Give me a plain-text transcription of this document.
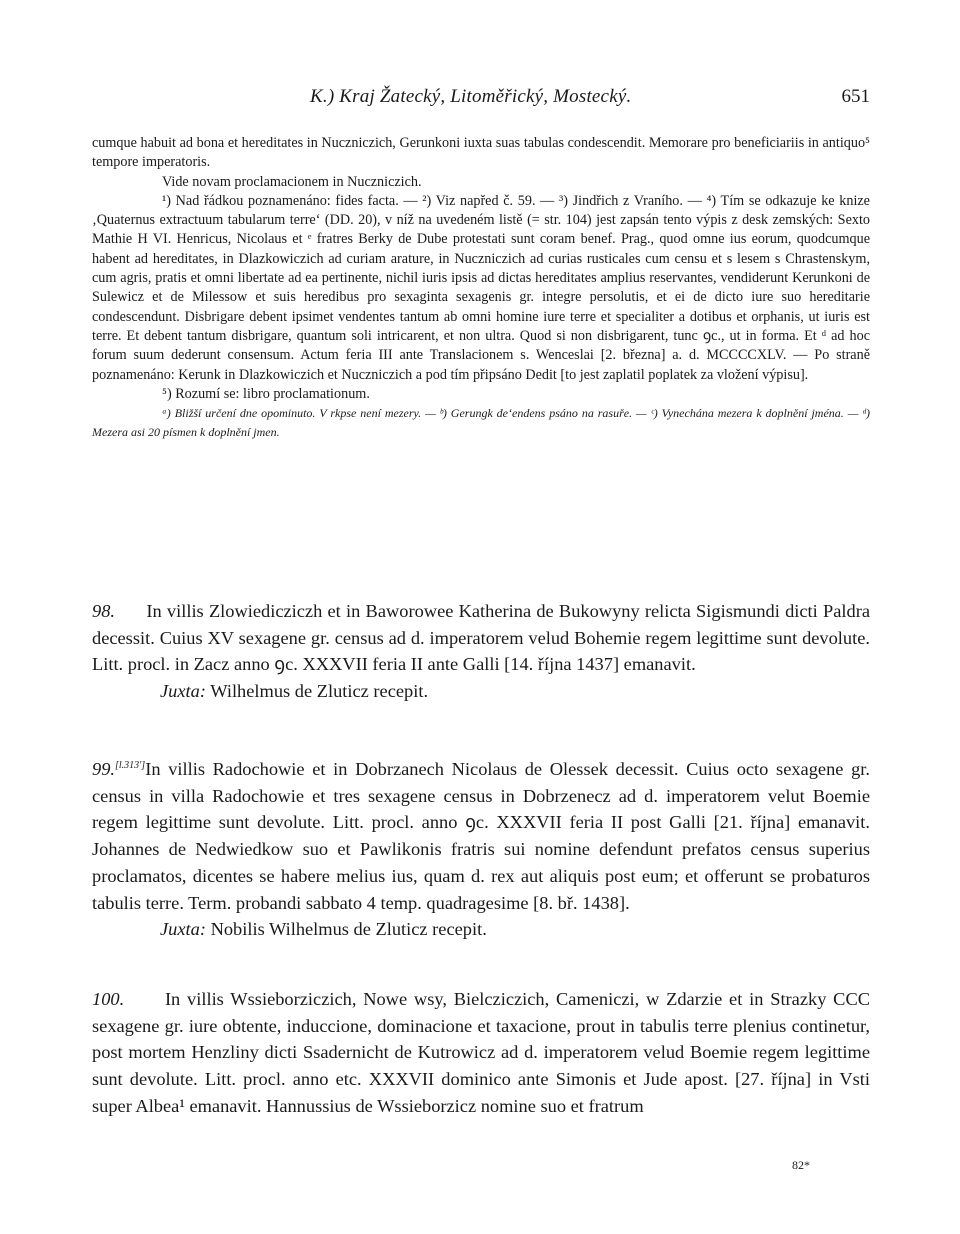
K.) Kraj Žatecký, Litoměřický, Mostecký.	651

cumque habuit ad bona et hereditates in Nuczniczich, Gerunkoni iuxta suas tabulas condescendit. Memorare pro beneficiariis in antiquo⁵ tempore imperatoris.

Vide novam proclamacionem in Nuczniczich.

¹) Nad řádkou poznamenáno: fides facta. — ²) Viz napřed č. 59. — ³) Jindřich z Vraního. — ⁴) Tím se odkazuje ke knize ‚Quaternus extractuum tabularum terre‘ (DD. 20), v níž na uvedeném listě (= str. 104) jest zapsán tento výpis z desk zemských: Sexto Mathie H VI. Henricus, Nicolaus et ᵉ fratres Berky de Dube protestati sunt coram benef. Prag., quod omne ius eorum, quodcumque habent ad hereditates, in Dlazkowiczich ad curiam arature, in Nuczniczich ad curias rusticales cum censu et s lesem s Chrastenskym, cum agris, pratis et omni libertate ad ea pertinente, nichil iuris ipsis ad dictas hereditates amplius reservantes, vendiderunt Kerunkoni de Sulewicz et de Milessow et suis heredibus pro sexaginta sexagenis gr. integre persolutis, et ei de dicto iure suo hereditarie condescendunt. Disbrigare debent ipsimet vendentes tantum ab omni homine iure terre et specialiter a dotibus et orphanis, ut iuris est terre. Et debent tantum disbrigare, quantum soli intricarent, et non ultra. Quod si non disbrigarent, tunc ꝯc., ut in forma. Et ᵈ ad hoc forum suum dederunt consensum. Actum feria III ante Translacionem s. Wenceslai [2. března] a. d. MCCCCXLV. — Po straně poznamenáno: Kerunk in Dlazkowiczich et Nuczniczich a pod tím připsáno Dedit [to jest zaplatil poplatek za vložení výpisu].

⁵) Rozumí se: libro proclamationum.

ᵃ) Bližší určení dne opominuto. V rkpse není mezery. — ᵇ) Gerungk de‘endens psáno na rasuře. — ᶜ) Vynechána mezera k doplnění jména. — ᵈ) Mezera asi 20 písmen k doplnění jmen.

98. In villis Zlowiedicziczh et in Baworowee Katherina de Bukowyny relicta Sigismundi dicti Paldra decessit. Cuius XV sexagene gr. census ad d. imperatorem velud Bohemie regem legittime sunt devolute. Litt. procl. in Zacz anno ꝯc. XXXVII feria II ante Galli [14. října 1437] emanavit.

Juxta: Wilhelmus de Zluticz recepit.

99.[l.313']In villis Radochowie et in Dobrzanech Nicolaus de Olessek decessit. Cuius octo sexagene gr. census in villa Radochowie et tres sexagene census in Dobrzenecz ad d. imperatorem velut Boemie regem legittime sunt devolute. Litt. procl. anno ꝯc. XXXVII feria II post Galli [21. října] emanavit. Johannes de Nedwiedkow suo et Pawlikonis fratris sui nomine defendunt prefatos census superius proclamatos, dicentes se habere melius ius, quam d. rex aut aliquis post eum; et offerunt se probaturos tabulis terre. Term. probandi sabbato 4 temp. quadragesime [8. bř. 1438].

Juxta: Nobilis Wilhelmus de Zluticz recepit.

100. In villis Wssieborziczich, Nowe wsy, Bielcziczich, Cameniczi, w Zdarzie et in Strazky CCC sexagene gr. iure obtente, induccione, dominacione et taxacione, prout in tabulis terre plenius continetur, post mortem Henzliny dicti Ssadernicht de Kutrowicz ad d. imperatorem velud Boemie regem legittime sunt devolute. Litt. procl. anno etc. XXXVII dominico ante Simonis et Jude apost. [27. října] in Vsti super Albea¹ emanavit. Hannussius de Wssieborzicz nomine suo et fratrum

82*
